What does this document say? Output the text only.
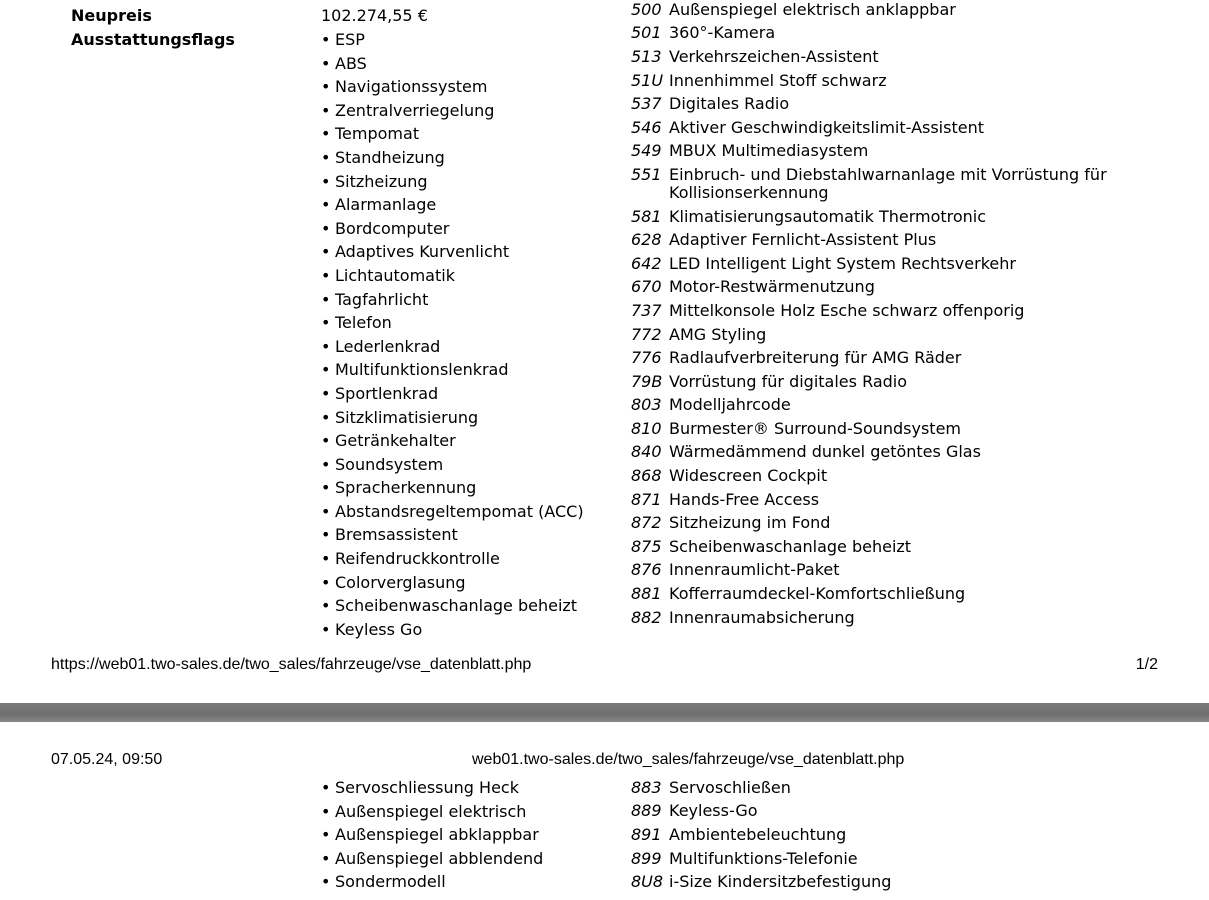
Neupreis	102.274,55 €
Ausstattungsflags	• ESP
• ABS
• Navigationssystem
• Zentralverriegelung
• Tempomat
• Standheizung
• Sitzheizung
• Alarmanlage
• Bordcomputer
• Adaptives Kurvenlicht
• Lichtautomatik
• Tagfahrlicht
• Telefon
• Lederlenkrad
• Multifunktionslenkrad
• Sportlenkrad
• Sitzklimatisierung
• Getränkehalter
• Soundsystem
• Spracherkennung
• Abstandsregeltempomat (ACC)
• Bremsassistent
• Reifendruckkontrolle
• Colorverglasung
• Scheibenwaschanlage beheizt
• Keyless Go
500 Außenspiegel elektrisch anklappbar
501 360°-Kamera
513 Verkehrszeichen-Assistent
51U Innenhimmel Stoff schwarz
537 Digitales Radio
546 Aktiver Geschwindigkeitslimit-Assistent
549 MBUX Multimediasystem
551 Einbruch- und Diebstahlwarnanlage mit Vorrüstung für Kollisionserkennung
581 Klimatisierungsautomatik Thermotronic
628 Adaptiver Fernlicht-Assistent Plus
642 LED Intelligent Light System Rechtsverkehr
670 Motor-Restwärmenutzung
737 Mittelkonsole Holz Esche schwarz offenporig
772 AMG Styling
776 Radlaufverbreiterung für AMG Räder
79B Vorrüstung für digitales Radio
803 Modelljahrcode
810 Burmester® Surround-Soundsystem
840 Wärmedämmend dunkel getöntes Glas
868 Widescreen Cockpit
871 Hands-Free Access
872 Sitzheizung im Fond
875 Scheibenwaschanlage beheizt
876 Innenraumlicht-Paket
881 Kofferraumdeckel-Komfortschließung
882 Innenraumabsicherung
https://web01.two-sales.de/two_sales/fahrzeuge/vse_datenblatt.php	1/2
07.05.24, 09:50	web01.two-sales.de/two_sales/fahrzeuge/vse_datenblatt.php
• Servoschliessung Heck
• Außenspiegel elektrisch
• Außenspiegel abklappbar
• Außenspiegel abblendend
• Sondermodell
883 Servoschließen
889 Keyless-Go
891 Ambientebeleuchtung
899 Multifunktions-Telefonie
8U8 i-Size Kindersitzbefestigung
